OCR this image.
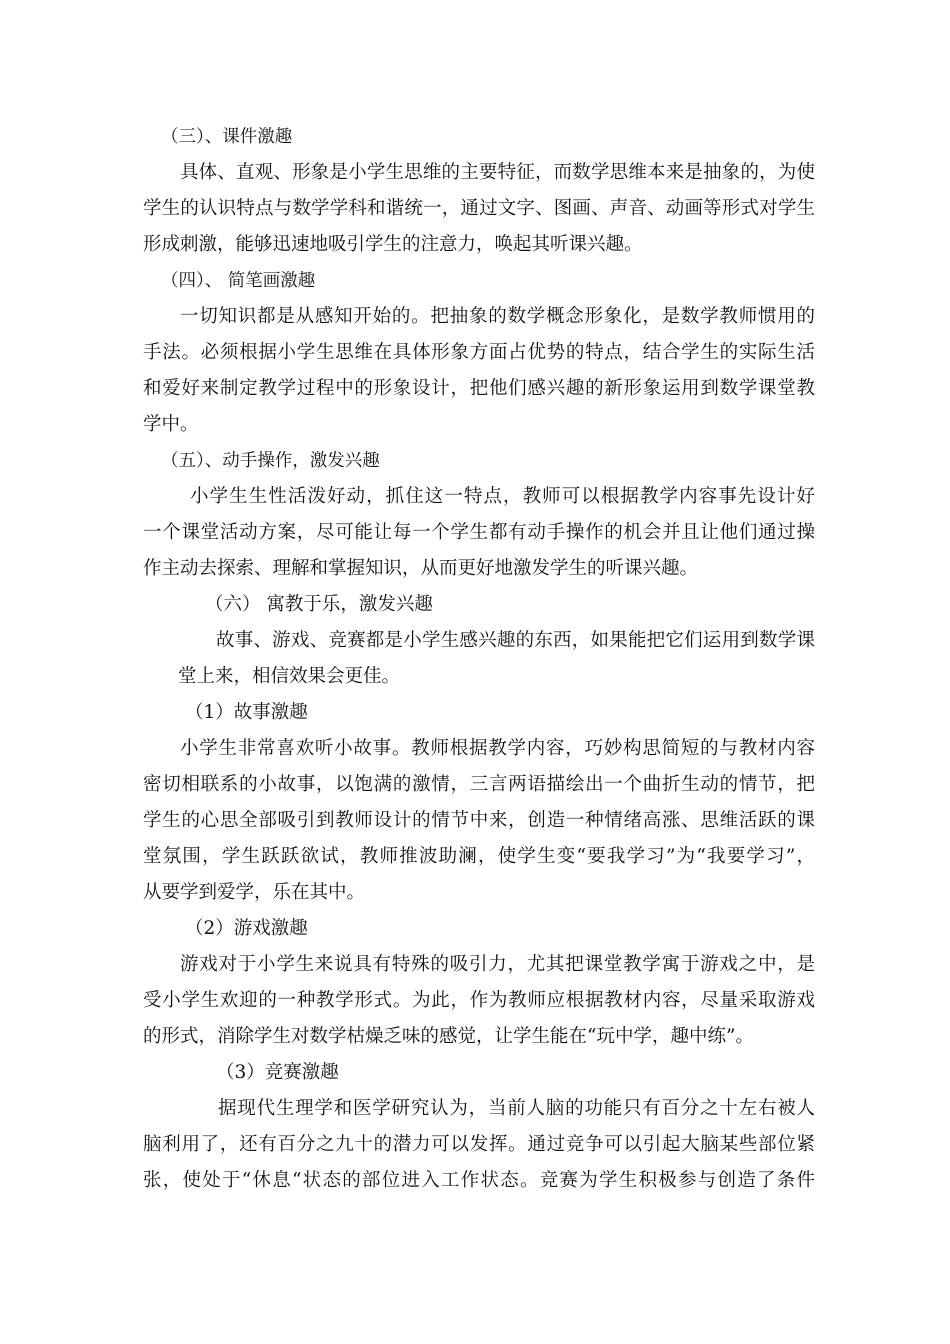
（三）、课件激趣
具体、直观、形象是小学生思维的主要特征，而数学思维本来是抽象的，为使
学生的认识特点与数学学科和谐统一，通过文字、图画、声音、动画等形式对学生
形成刺激，能够迅速地吸引学生的注意力，唤起其听课兴趣。
（四）、 简笔画激趣
一切知识都是从感知开始的。把抽象的数学概念形象化，是数学教师惯用的
手法。必须根据小学生思维在具体形象方面占优势的特点，结合学生的实际生活
和爱好来制定教学过程中的形象设计，把他们感兴趣的新形象运用到数学课堂教
学中。
（五）、动手操作，激发兴趣
小学生生性活泼好动，抓住这一特点，教师可以根据教学内容事先设计好
一个课堂活动方案，尽可能让每一个学生都有动手操作的机会并且让他们通过操
作主动去探索、理解和掌握知识，从而更好地激发学生的听课兴趣。
（六） 寓教于乐，激发兴趣
故事、游戏、竞赛都是小学生感兴趣的东西，如果能把它们运用到数学课
堂上来，相信效果会更佳。
（1）故事激趣
小学生非常喜欢听小故事。教师根据教学内容，巧妙构思简短的与教材内容
密切相联系的小故事，以饱满的激情，三言两语描绘出一个曲折生动的情节，把
学生的心思全部吸引到教师设计的情节中来，创造一种情绪高涨、思维活跃的课
堂氛围，学生跃跃欲试，教师推波助澜，使学生变“要我学习”为“我要学习”，
从要学到爱学，乐在其中。
（2）游戏激趣
游戏对于小学生来说具有特殊的吸引力，尤其把课堂教学寓于游戏之中，是
受小学生欢迎的一种教学形式。为此，作为教师应根据教材内容，尽量采取游戏
的形式，消除学生对数学枯燥乏味的感觉，让学生能在“玩中学，趣中练”。
（3）竞赛激趣
据现代生理学和医学研究认为，当前人脑的功能只有百分之十左右被人
脑利用了，还有百分之九十的潜力可以发挥。通过竞争可以引起大脑某些部位紧
张，使处于“休息“状态的部位进入工作状态。竞赛为学生积极参与创造了条件
